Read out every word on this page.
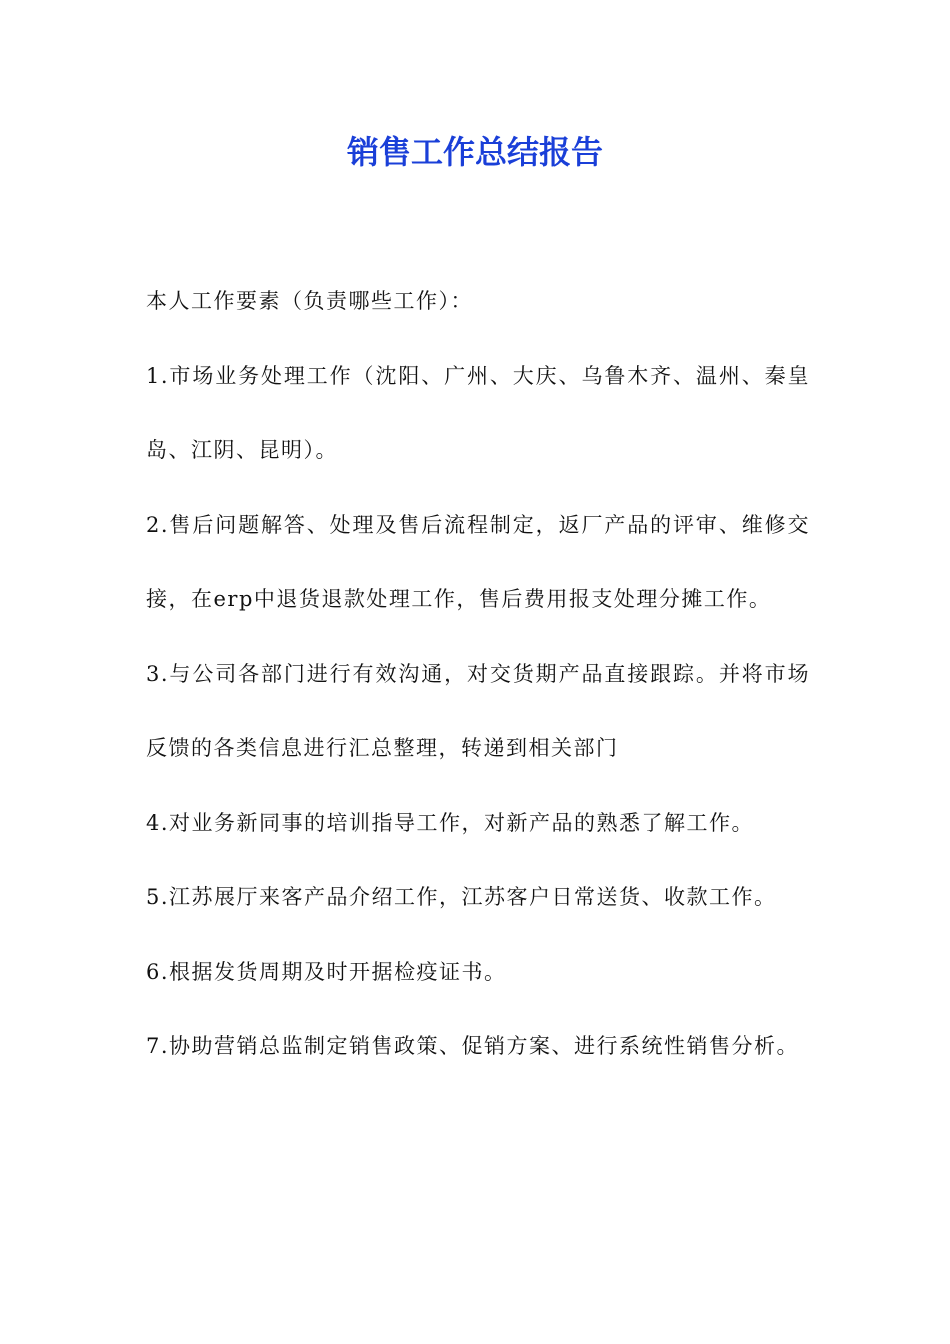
销售工作总结报告

本人工作要素（负责哪些工作）：

1.市场业务处理工作（沈阳、广州、大庆、乌鲁木齐、温州、秦皇岛、江阴、昆明）。

2.售后问题解答、处理及售后流程制定，返厂产品的评审、维修交接，在erp中退货退款处理工作，售后费用报支处理分摊工作。

3.与公司各部门进行有效沟通，对交货期产品直接跟踪。并将市场反馈的各类信息进行汇总整理，转递到相关部门

4.对业务新同事的培训指导工作，对新产品的熟悉了解工作。

5.江苏展厅来客产品介绍工作，江苏客户日常送货、收款工作。

6.根据发货周期及时开据检疫证书。

7.协助营销总监制定销售政策、促销方案、进行系统性销售分析。
